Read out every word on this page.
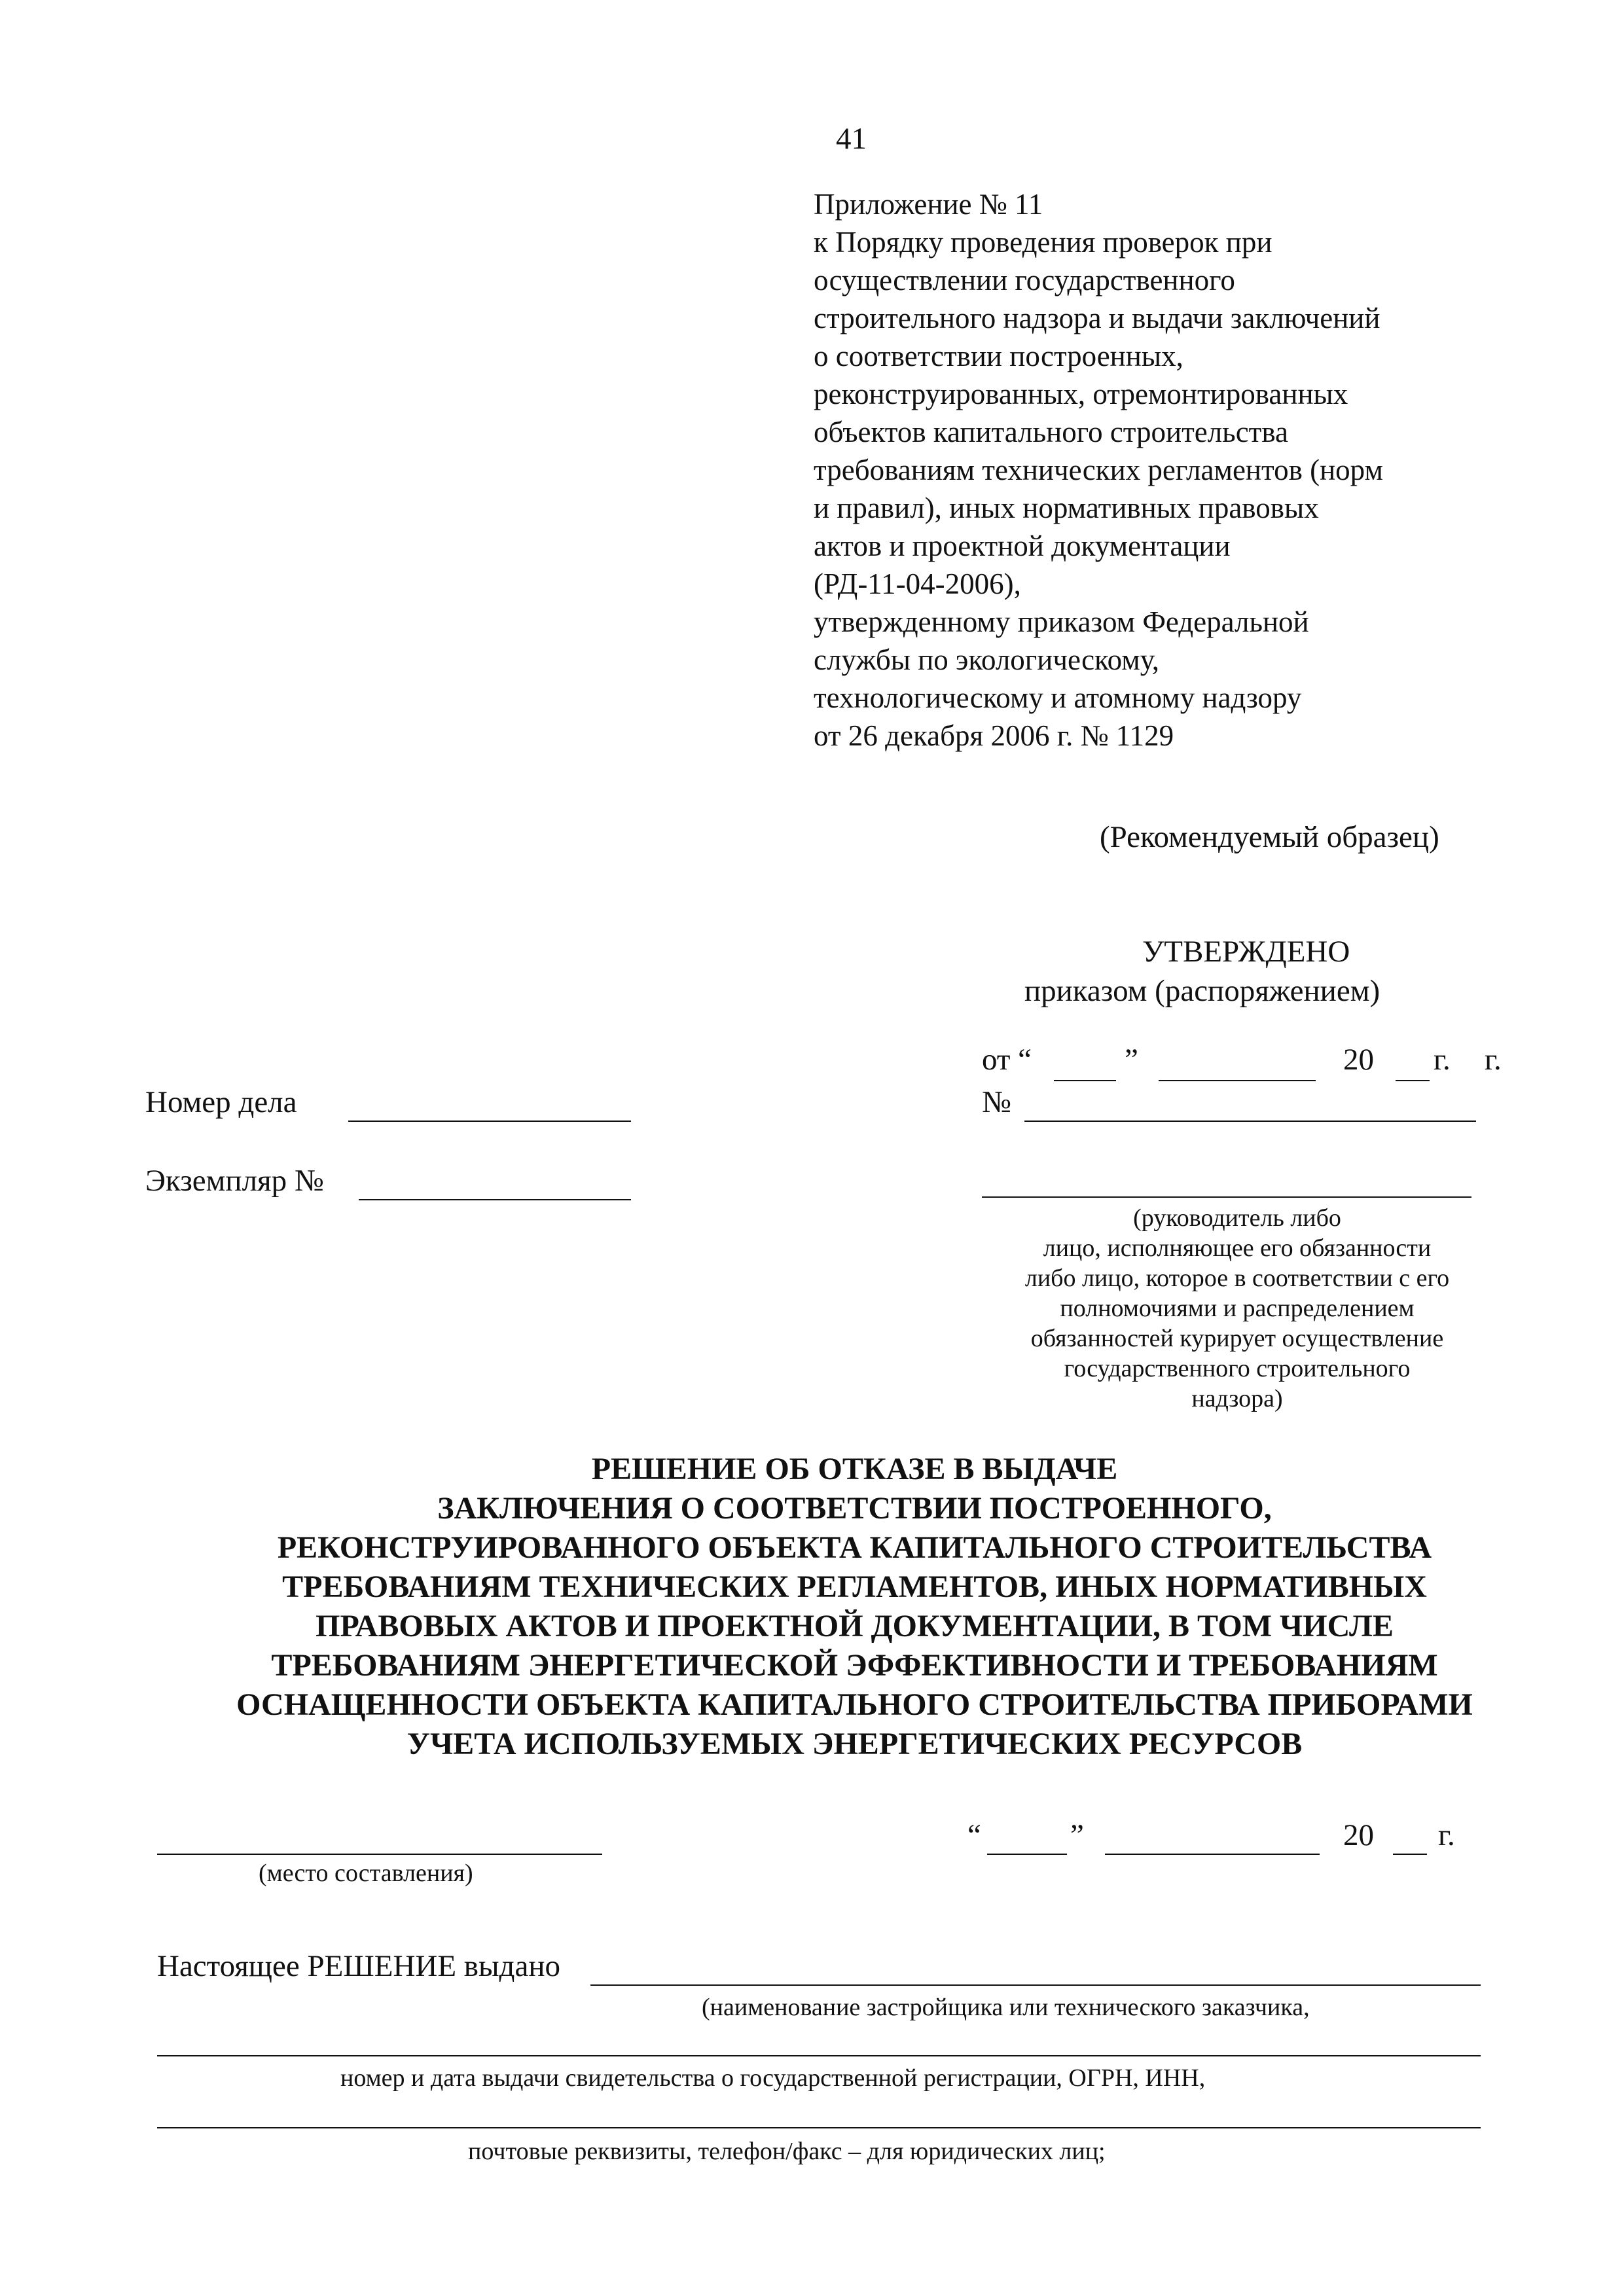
41
Приложение № 11
к Порядку проведения проверок при
осуществлении государственного
строительного надзора и выдачи заключений
о соответствии построенных,
реконструированных, отремонтированных
объектов капитального строительства
требованиям технических регламентов (норм
и правил), иных нормативных правовых
актов и проектной документации
(РД-11-04-2006),
утвержденному приказом Федеральной
службы по экологическому,
технологическому и атомному надзору
от 26 декабря 2006 г. № 1129
(Рекомендуемый образец)
УТВЕРЖДЕНО
приказом (распоряжением)
от “	”	20 г. г.
№
Номер дела
Экземпляр №
(руководитель либо
лицо, исполняющее его обязанности
либо лицо, которое в соответствии с его
полномочиями и распределением
обязанностей курирует осуществление
государственного строительного
надзора)
РЕШЕНИЕ ОБ ОТКАЗЕ В ВЫДАЧЕ
ЗАКЛЮЧЕНИЯ О СООТВЕТСТВИИ ПОСТРОЕННОГО,
РЕКОНСТРУИРОВАННОГО ОБЪЕКТА КАПИТАЛЬНОГО СТРОИТЕЛЬСТВА
ТРЕБОВАНИЯМ ТЕХНИЧЕСКИХ РЕГЛАМЕНТОВ, ИНЫХ НОРМАТИВНЫХ
ПРАВОВЫХ АКТОВ И ПРОЕКТНОЙ ДОКУМЕНТАЦИИ, В ТОМ ЧИСЛЕ
ТРЕБОВАНИЯМ ЭНЕРГЕТИЧЕСКОЙ ЭФФЕКТИВНОСТИ И ТРЕБОВАНИЯМ
ОСНАЩЕННОСТИ ОБЪЕКТА КАПИТАЛЬНОГО СТРОИТЕЛЬСТВА ПРИБОРАМИ
УЧЕТА ИСПОЛЬЗУЕМЫХ ЭНЕРГЕТИЧЕСКИХ РЕСУРСОВ
(место составления)
“	”	20 г.
Настоящее РЕШЕНИЕ выдано
(наименование застройщика или технического заказчика,
номер и дата выдачи свидетельства о государственной регистрации, ОГРН, ИНН,
почтовые реквизиты, телефон/факс – для юридических лиц;
